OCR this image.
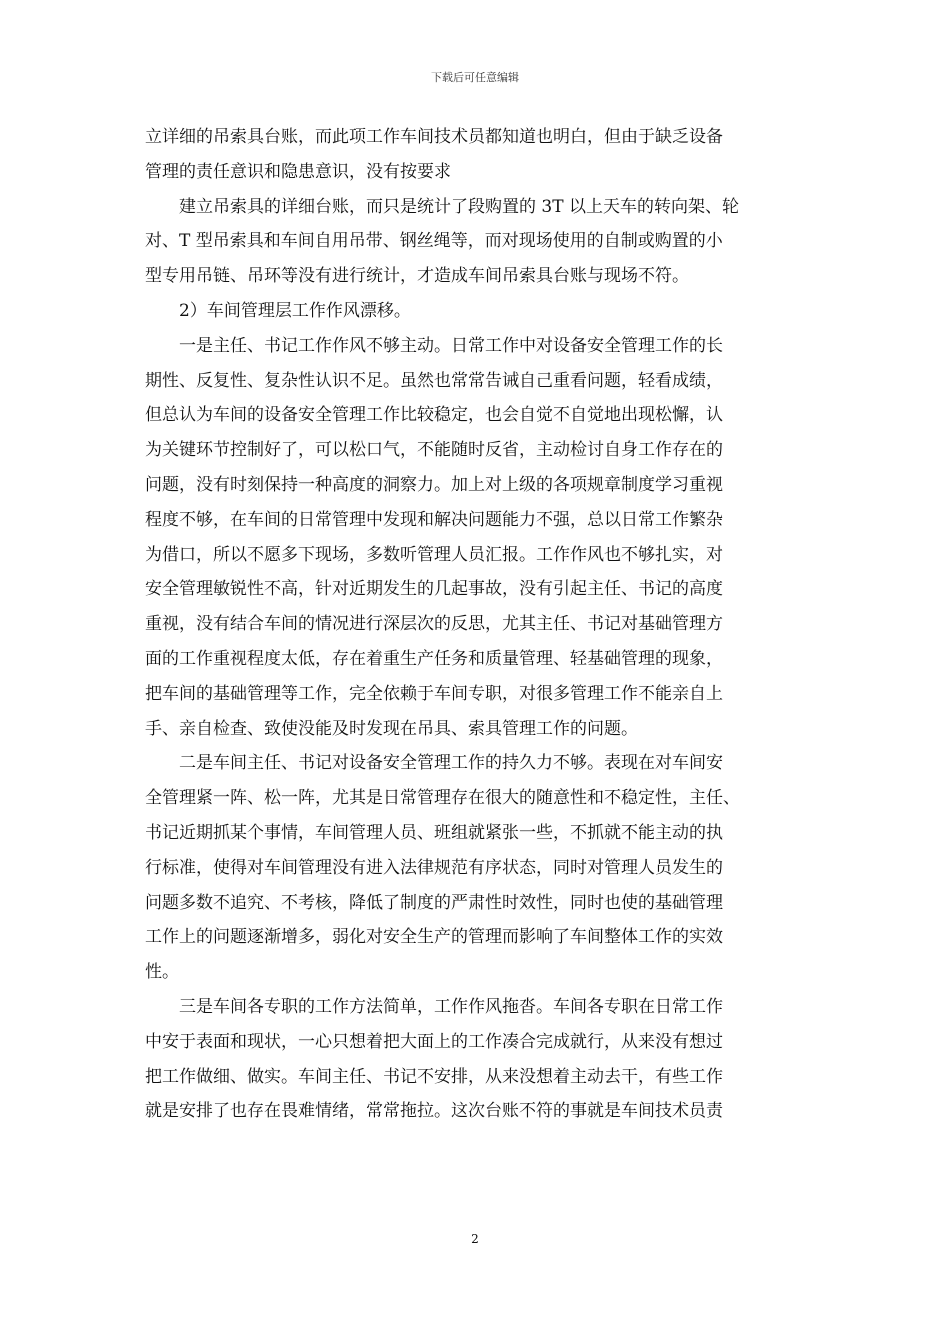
下载后可任意编辑
立详细的吊索具台账，而此项工作车间技术员都知道也明白，但由于缺乏设备
管理的责任意识和隐患意识，没有按要求
　　建立吊索具的详细台账，而只是统计了段购置的 3T 以上天车的转向架、轮
对、T 型吊索具和车间自用吊带、钢丝绳等，而对现场使用的自制或购置的小
型专用吊链、吊环等没有进行统计，才造成车间吊索具台账与现场不符。
　　2）车间管理层工作作风漂移。
　　一是主任、书记工作作风不够主动。日常工作中对设备安全管理工作的长
期性、反复性、复杂性认识不足。虽然也常常告诫自己重看问题，轻看成绩，
但总认为车间的设备安全管理工作比较稳定，也会自觉不自觉地出现松懈，认
为关键环节控制好了，可以松口气，不能随时反省，主动检讨自身工作存在的
问题，没有时刻保持一种高度的洞察力。加上对上级的各项规章制度学习重视
程度不够，在车间的日常管理中发现和解决问题能力不强，总以日常工作繁杂
为借口，所以不愿多下现场，多数听管理人员汇报。工作作风也不够扎实，对
安全管理敏锐性不高，针对近期发生的几起事故，没有引起主任、书记的高度
重视，没有结合车间的情况进行深层次的反思，尤其主任、书记对基础管理方
面的工作重视程度太低，存在着重生产任务和质量管理、轻基础管理的现象，
把车间的基础管理等工作，完全依赖于车间专职，对很多管理工作不能亲自上
手、亲自检查、致使没能及时发现在吊具、索具管理工作的问题。
　　二是车间主任、书记对设备安全管理工作的持久力不够。表现在对车间安
全管理紧一阵、松一阵，尤其是日常管理存在很大的随意性和不稳定性，主任、
书记近期抓某个事情，车间管理人员、班组就紧张一些，不抓就不能主动的执
行标准，使得对车间管理没有进入法律规范有序状态，同时对管理人员发生的
问题多数不追究、不考核，降低了制度的严肃性时效性，同时也使的基础管理
工作上的问题逐渐增多，弱化对安全生产的管理而影响了车间整体工作的实效
性。
　　三是车间各专职的工作方法简单，工作作风拖沓。车间各专职在日常工作
中安于表面和现状，一心只想着把大面上的工作凑合完成就行，从来没有想过
把工作做细、做实。车间主任、书记不安排，从来没想着主动去干，有些工作
就是安排了也存在畏难情绪，常常拖拉。这次台账不符的事就是车间技术员责
2
